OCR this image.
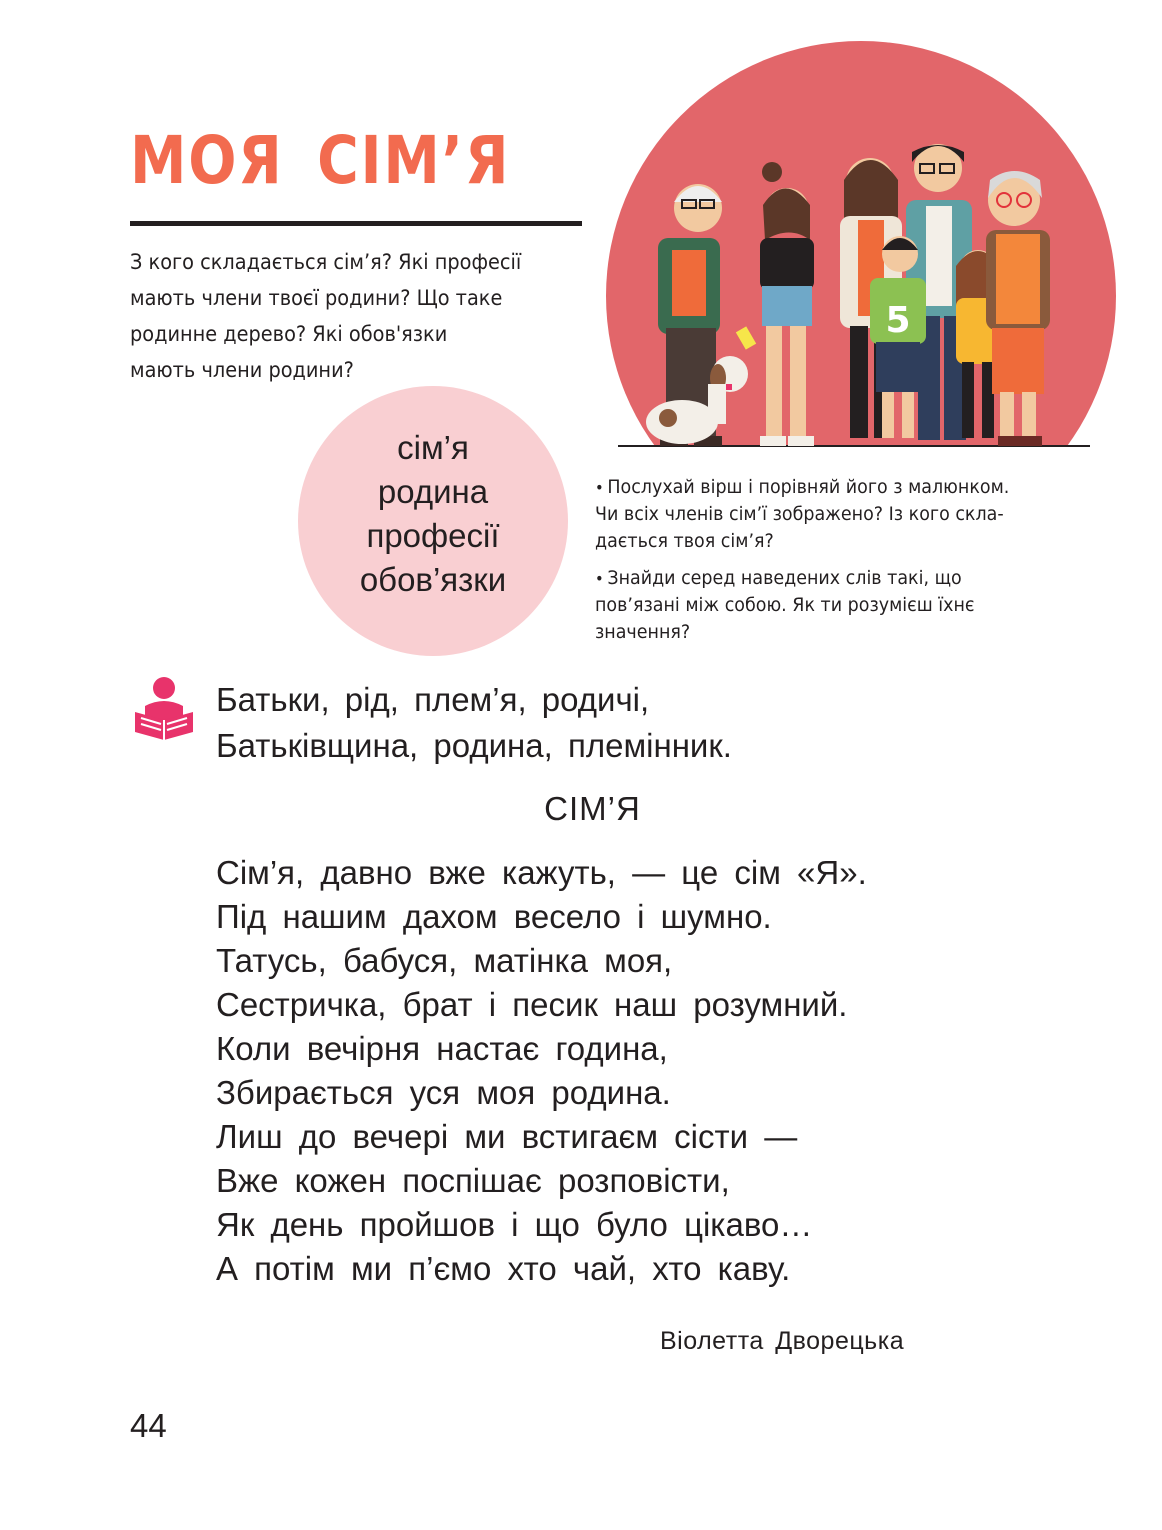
МОЯ СІМ’Я
З кого складається сім’я? Які професії
мають члени твоєї родини? Що таке
родинне дерево? Які обов'язки
мають члени родини?
сім’я
родина
професії
обов’язки
5
• Послухай вірш і порівняй його з малюнком.
Чи всіх членів сім’ї зображено? Із кого скла-
дається твоя сім’я?
• Знайди серед наведених слів такі, що
пов’язані між собою. Як ти розумієш їхнє
значення?
Батьки, рід, плем’я, родичі,
Батьківщина, родина, племінник.
СІМ’Я
Сім’я, давно вже кажуть, — це сім «Я».
Під нашим дахом весело і шумно.
Татусь, бабуся, матінка моя,
Сестричка, брат і песик наш розумний.
Коли вечірня настає година,
Збирається уся моя родина.
Лиш до вечері ми встигаєм сісти —
Вже кожен поспішає розповісти,
Як день пройшов і що було цікаво…
А потім ми п’ємо хто чай, хто каву.
Віолетта Дворецька
44
